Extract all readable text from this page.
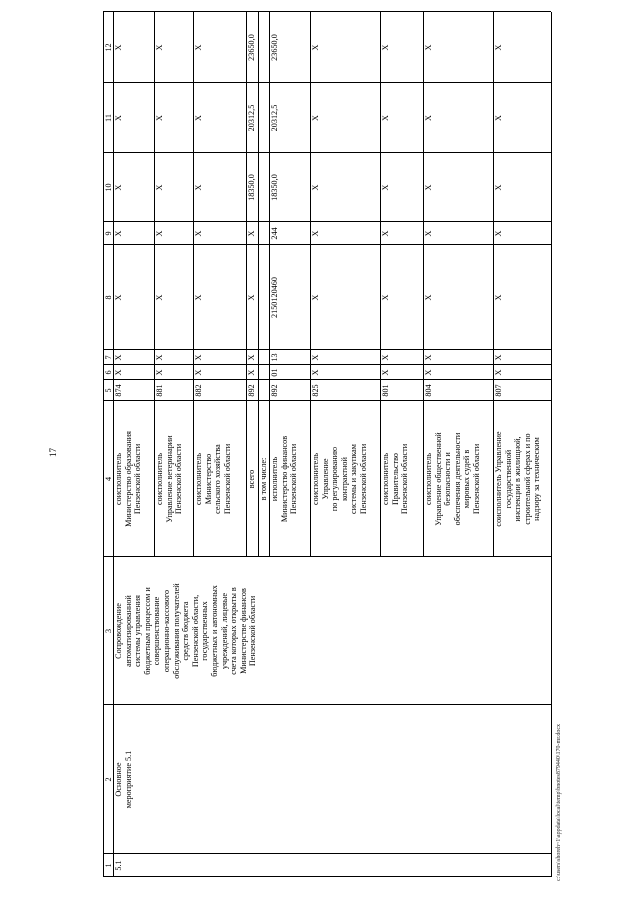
17
1
2
3
4
5
6
7
8
9
10
11
12
5.1
Основное
мероприятие 5.1
Сопровождение
автоматизированной
системы управления
бюджетным процессом и
совершенствование
операционно-кассового
обслуживания получателей
средств бюджета
Пензенской области,
государственных
бюджетных и автономных
учреждений, лицевые
счета которых открыты в
Министерстве финансов
Пензенской области
соисполнитель
Министерство образования
Пензенской области
874
X
X
X
X
X
X
X
соисполнитель
Управление ветеринарии
Пензенской области
881
X
X
X
X
X
X
X
соисполнитель
Министерство
сельского хозяйства
Пензенской области
882
X
X
X
X
X
X
X
всего
892
X
X
X
X
18350,0
20312,5
23650,0
в том числе: исполнитель
Министерство финансов
Пензенской области
892
01
13
2150120460
244
18350,0
20312,5
23650,0
соисполнитель
Управление
по регулированию
контрактной
системы и закупкам
Пензенской области
825
X
X
X
X
X
X
X
соисполнитель
Правительство
Пензенской области
801
X
X
X
X
X
X
X
соисполнитель
Управление общественной
безопасности и
обеспечения деятельности
мировых судей в
Пензенской области
804
X
X
X
X
X
X
X
соисполнитель Управление
государственной
инспекции в жилищной,
строительной сферах и по
надзору за техническим
807
X
X
X
X
X
X
X
c:\users\shoreh~1\appdata\local\temp\bnotes879440\170-mr.docx
